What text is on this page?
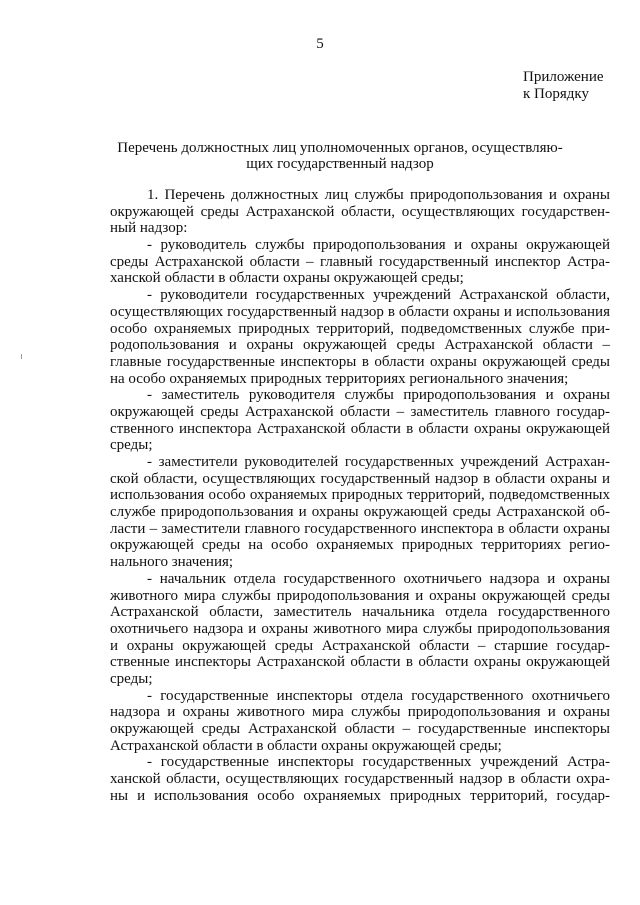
5
Приложение
к Порядку
Перечень должностных лиц уполномоченных органов, осуществляю-
щих государственный надзор
1. Перечень должностных лиц службы природопользования и охраны
окружающей среды Астраханской области, осуществляющих государствен-
ный надзор:
- руководитель службы природопользования и охраны окружающей
среды Астраханской области – главный государственный инспектор Астра-
ханской области в области охраны окружающей среды;
- руководители государственных учреждений Астраханской области,
осуществляющих государственный надзор в области охраны и использования
особо охраняемых природных территорий, подведомственных службе при-
родопользования и охраны окружающей среды Астраханской области –
главные государственные инспекторы в области охраны окружающей среды
на особо охраняемых природных территориях регионального значения;
- заместитель руководителя службы природопользования и охраны
окружающей среды Астраханской области – заместитель главного государ-
ственного инспектора Астраханской области в области охраны окружающей
среды;
- заместители руководителей государственных учреждений Астрахан-
ской области, осуществляющих государственный надзор в области охраны и
использования особо охраняемых природных территорий, подведомственных
службе природопользования и охраны окружающей среды Астраханской об-
ласти – заместители главного государственного инспектора в области охраны
окружающей среды на особо охраняемых природных территориях регио-
нального значения;
- начальник отдела государственного охотничьего надзора и охраны
животного мира службы природопользования и охраны окружающей среды
Астраханской области, заместитель начальника отдела государственного
охотничьего надзора и охраны животного мира службы природопользования
и охраны окружающей среды Астраханской области – старшие государ-
ственные инспекторы Астраханской области в области охраны окружающей
среды;
- государственные инспекторы отдела государственного охотничьего
надзора и охраны животного мира службы природопользования и охраны
окружающей среды Астраханской области – государственные инспекторы
Астраханской области в области охраны окружающей среды;
- государственные инспекторы государственных учреждений Астра-
ханской области, осуществляющих государственный надзор в области охра-
ны и использования особо охраняемых природных территорий, государ-
